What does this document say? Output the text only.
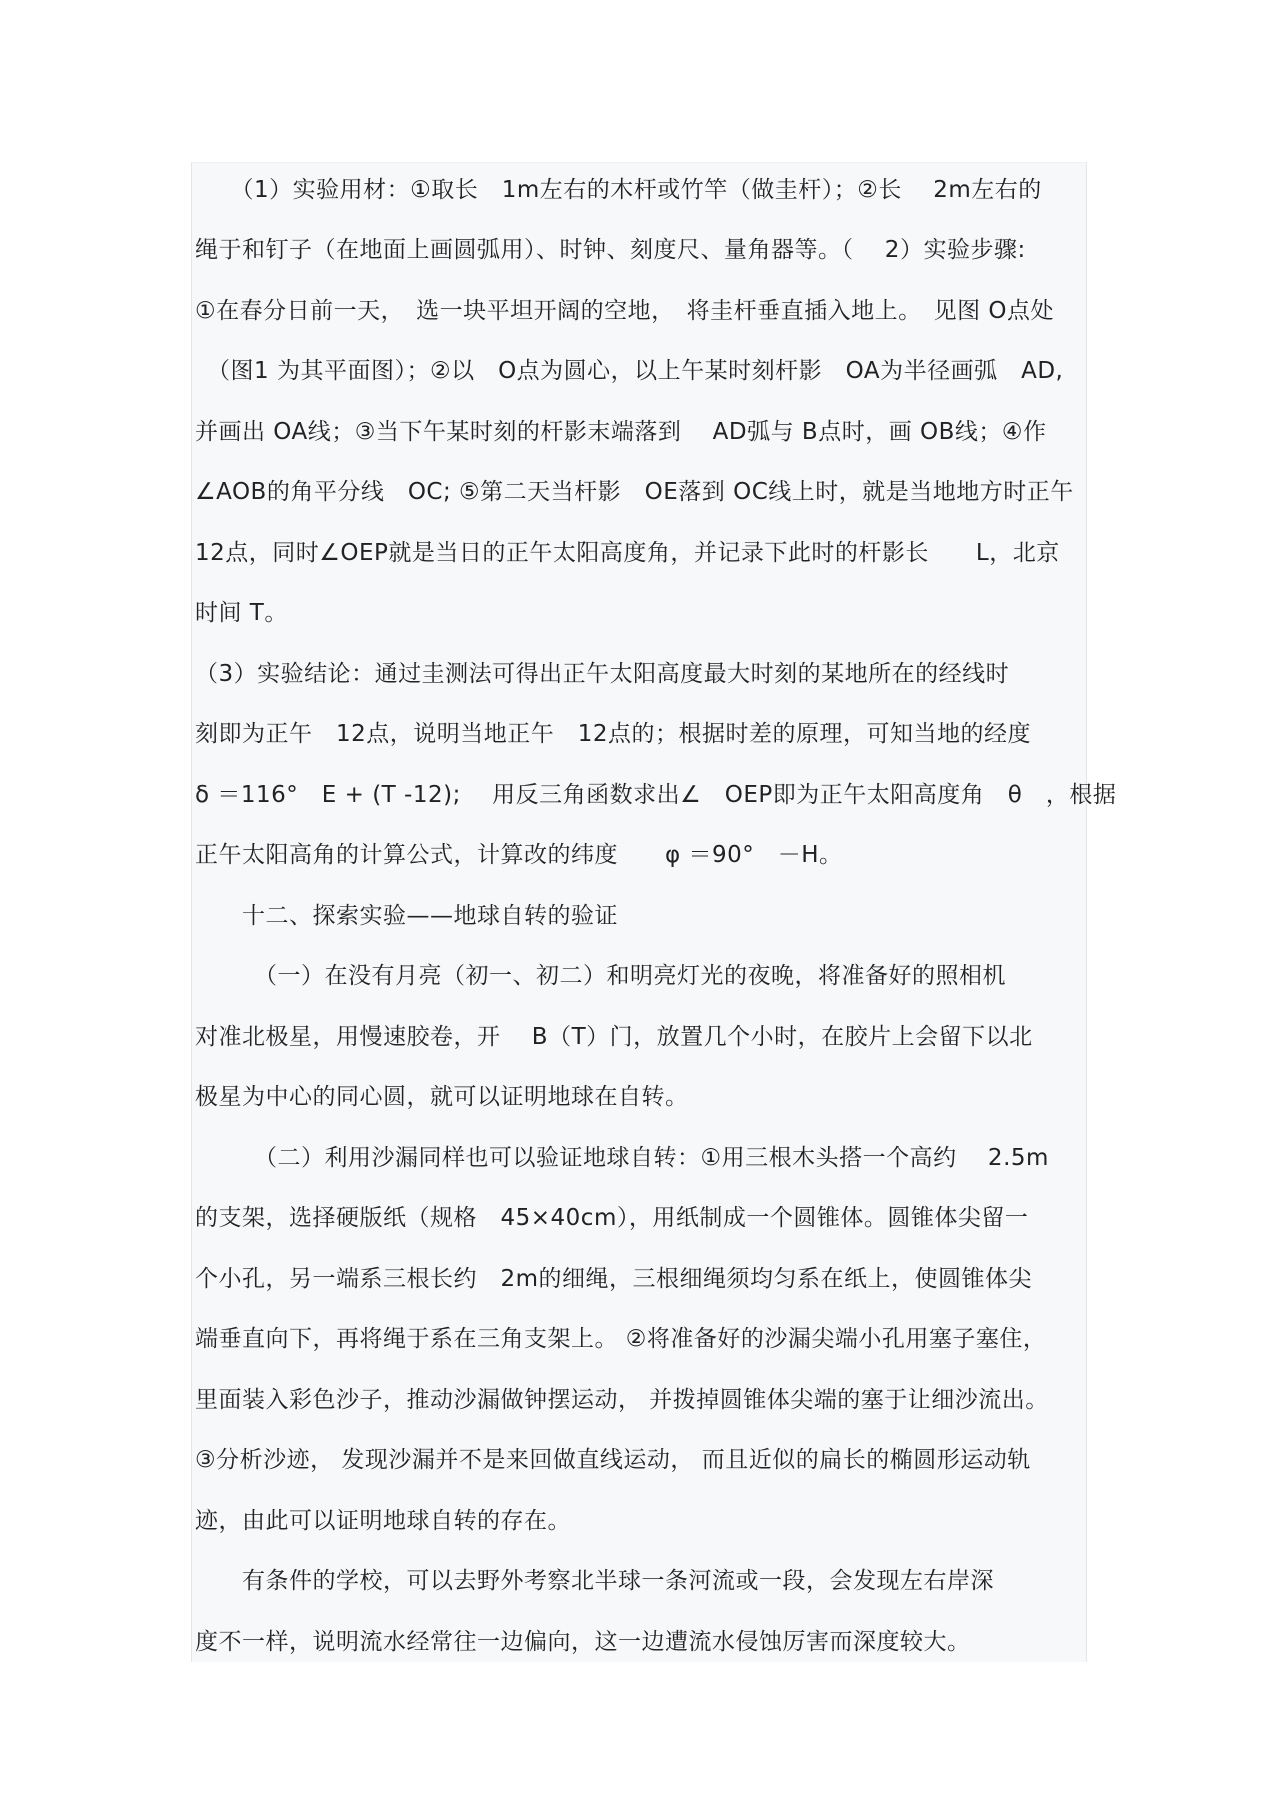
　　（1）实验用材：①取长　1m左右的木杆或竹竿（做圭杆）；②长　 2m左右的
绳于和钉子（在地面上画圆弧用）、时钟、刻度尺、量角器等。（　 2）实验步骤:
①在春分日前一天，　选一块平坦开阔的空地，　将圭杆垂直插入地上。　见图 O点处
　（图1 为其平面图）；②以　O点为圆心，以上午某时刻杆影　OA为半径画弧　AD,
并画出 OA线；③当下午某时刻的杆影末端落到　 AD弧与 B点时，画 OB线；④作
∠AOB的角平分线　OC; ⑤第二天当杆影　OE落到 OC线上时，就是当地地方时正午
12点，同时∠OEP就是当日的正午太阳高度角，并记录下此时的杆影长　　L，北京
时间 T。
（3）实验结论：通过圭测法可得出正午太阳高度最大时刻的某地所在的经线时
刻即为正午　12点，说明当地正午　12点的；根据时差的原理，可知当地的经度
δ ＝116°　E + (T -12);　 用反三角函数求出∠　OEP即为正午太阳高度角　θ　，根据
正午太阳高角的计算公式，计算改的纬度　　φ ＝90°　－H。
　　十二、探索实验——地球自转的验证
　　　（一）在没有月亮（初一、初二）和明亮灯光的夜晚，将准备好的照相机
对准北极星，用慢速胶卷，开　 B（T）门，放置几个小时，在胶片上会留下以北
极星为中心的同心圆，就可以证明地球在自转。
　　　（二）利用沙漏同样也可以验证地球自转：①用三根木头搭一个高约　 2.5m
的支架，选择硬版纸（规格　45×40cm），用纸制成一个圆锥体。圆锥体尖留一
个小孔，另一端系三根长约　2m的细绳，三根细绳须均匀系在纸上，使圆锥体尖
端垂直向下，再将绳于系在三角支架上。 ②将准备好的沙漏尖端小孔用塞子塞住，
里面装入彩色沙子，推动沙漏做钟摆运动， 并拨掉圆锥体尖端的塞于让细沙流出。
③分析沙迹， 发现沙漏并不是来回做直线运动， 而且近似的扁长的椭圆形运动轨
迹，由此可以证明地球自转的存在。
　　有条件的学校，可以去野外考察北半球一条河流或一段，会发现左右岸深
度不一样，说明流水经常往一边偏向，这一边遭流水侵蚀厉害而深度较大。
